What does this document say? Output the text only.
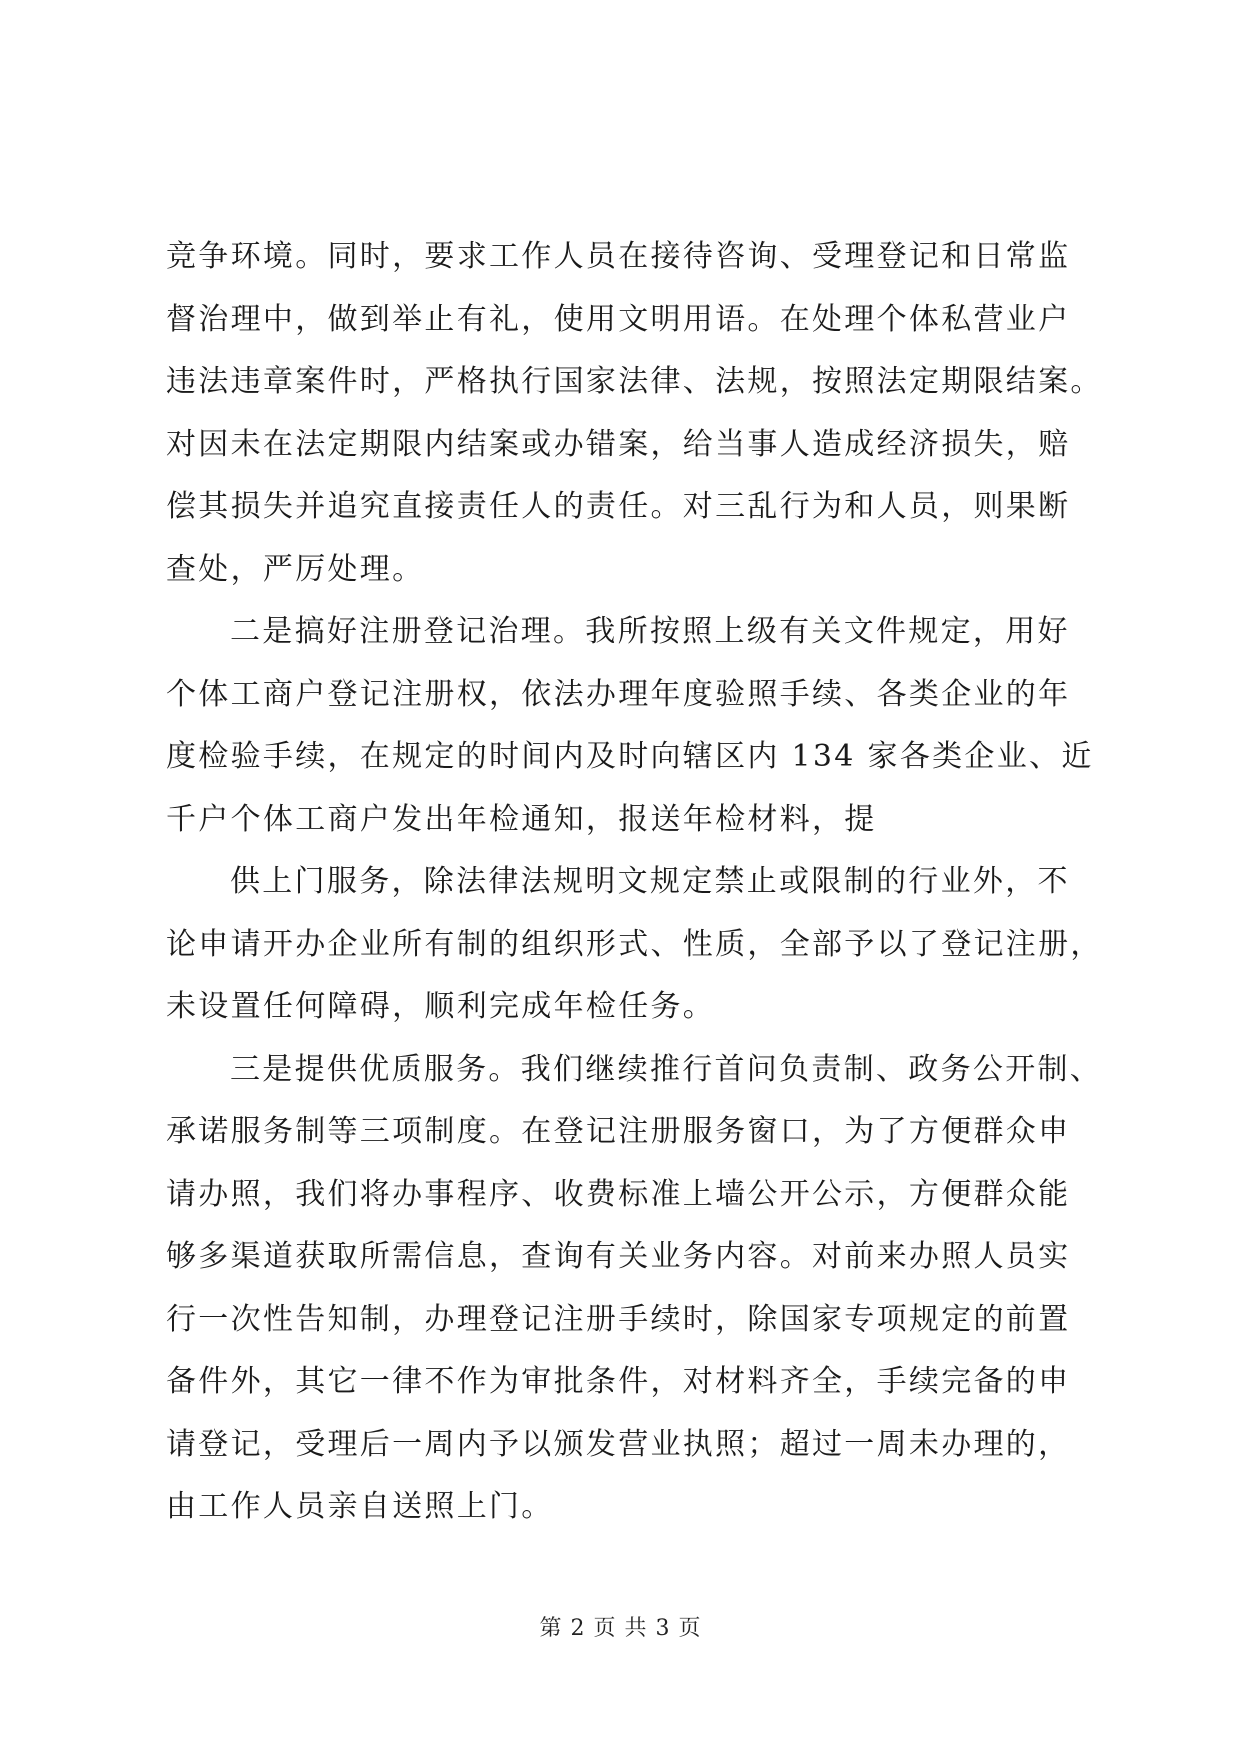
竞争环境。同时，要求工作人员在接待咨询、受理登记和日常监
督治理中，做到举止有礼，使用文明用语。在处理个体私营业户
违法违章案件时，严格执行国家法律、法规，按照法定期限结案。
对因未在法定期限内结案或办错案，给当事人造成经济损失，赔
偿其损失并追究直接责任人的责任。对三乱行为和人员，则果断
查处，严厉处理。
二是搞好注册登记治理。我所按照上级有关文件规定，用好
个体工商户登记注册权，依法办理年度验照手续、各类企业的年
度检验手续，在规定的时间内及时向辖区内 134 家各类企业、近
千户个体工商户发出年检通知，报送年检材料，提
供上门服务，除法律法规明文规定禁止或限制的行业外，不
论申请开办企业所有制的组织形式、性质，全部予以了登记注册，
未设置任何障碍，顺利完成年检任务。
三是提供优质服务。我们继续推行首问负责制、政务公开制、
承诺服务制等三项制度。在登记注册服务窗口，为了方便群众申
请办照，我们将办事程序、收费标准上墙公开公示，方便群众能
够多渠道获取所需信息，查询有关业务内容。对前来办照人员实
行一次性告知制，办理登记注册手续时，除国家专项规定的前置
备件外，其它一律不作为审批条件，对材料齐全，手续完备的申
请登记，受理后一周内予以颁发营业执照；超过一周未办理的，
由工作人员亲自送照上门。
第 2 页 共 3 页
